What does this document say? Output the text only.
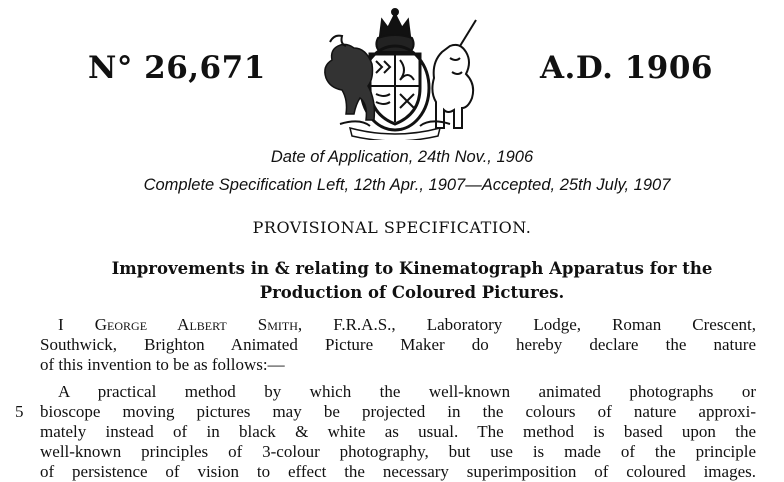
N° 26,671	A.D. 1906

Date of Application, 24th Nov., 1906

Complete Specification Left, 12th Apr., 1907—Accepted, 25th July, 1907

PROVISIONAL SPECIFICATION.

Improvements in & relating to Kinematograph Apparatus for the
Production of Coloured Pictures.
I George Albert Smith, F.R.A.S., Laboratory Lodge, Roman Crescent,
Southwick, Brighton Animated Picture Maker do hereby declare the nature
of this invention to be as follows:—

5

A practical method by which the well-known animated photographs or
bioscope moving pictures may be projected in the colours of nature approxi-
mately instead of in black & white as usual. The method is based upon the
well-known principles of 3-colour photography, but use is made of the principle
of persistence of vision to effect the necessary superimposition of coloured images.
